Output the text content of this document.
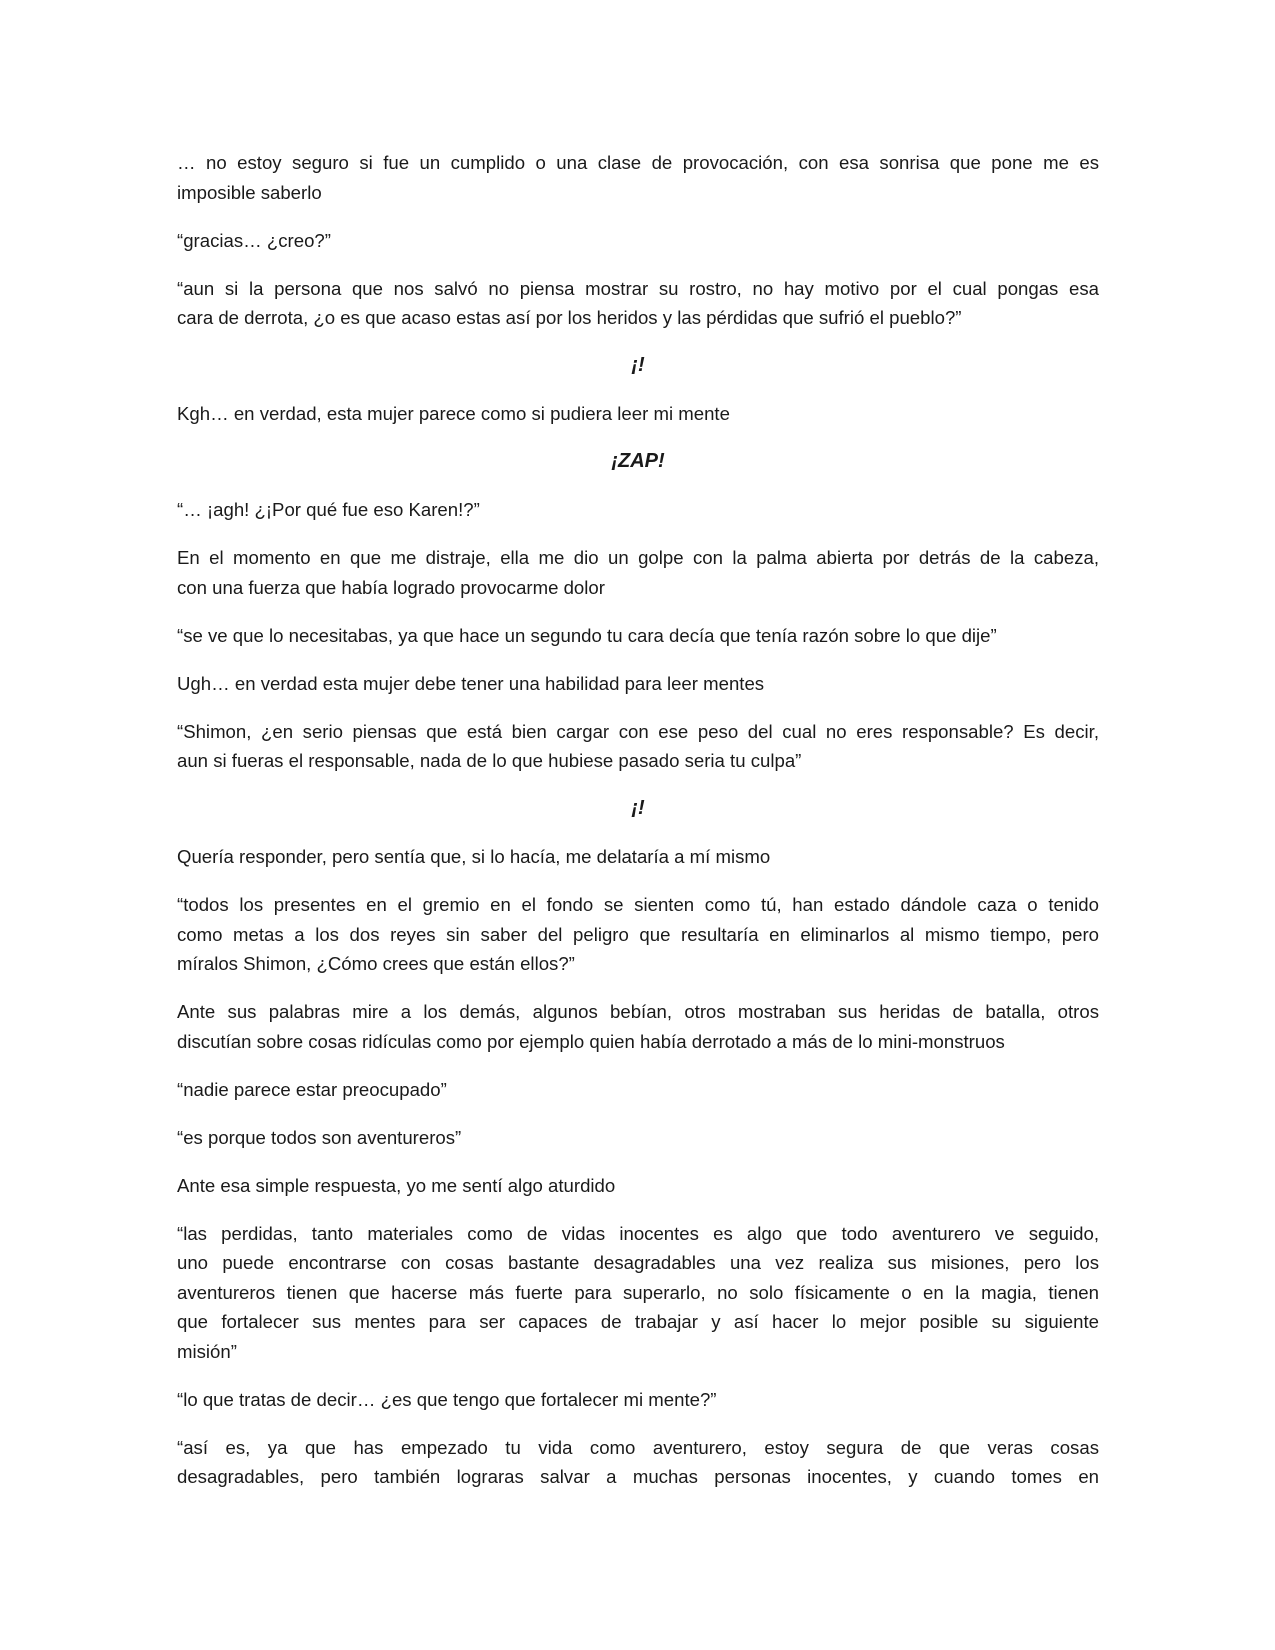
… no estoy seguro si fue un cumplido o una clase de provocación, con esa sonrisa que pone me es
imposible saberlo
“gracias… ¿creo?”
“aun si la persona que nos salvó no piensa mostrar su rostro, no hay motivo por el cual pongas esa
cara de derrota, ¿o es que acaso estas así por los heridos y las pérdidas que sufrió el pueblo?”
¡!
Kgh… en verdad, esta mujer parece como si pudiera leer mi mente
¡ZAP!
“… ¡agh! ¿¡Por qué fue eso Karen!?”
En el momento en que me distraje, ella me dio un golpe con la palma abierta por detrás de la cabeza,
con una fuerza que había logrado provocarme dolor
“se ve que lo necesitabas, ya que hace un segundo tu cara decía que tenía razón sobre lo que dije”
Ugh… en verdad esta mujer debe tener una habilidad para leer mentes
“Shimon, ¿en serio piensas que está bien cargar con ese peso del cual no eres responsable? Es decir,
aun si fueras el responsable, nada de lo que hubiese pasado seria tu culpa”
¡!
Quería responder, pero sentía que, si lo hacía, me delataría a mí mismo
“todos los presentes en el gremio en el fondo se sienten como tú, han estado dándole caza o tenido
como metas a los dos reyes sin saber del peligro que resultaría en eliminarlos al mismo tiempo, pero
míralos Shimon, ¿Cómo crees que están ellos?”
Ante sus palabras mire a los demás, algunos bebían, otros mostraban sus heridas de batalla, otros
discutían sobre cosas ridículas como por ejemplo quien había derrotado a más de lo mini-monstruos
“nadie parece estar preocupado”
“es porque todos son aventureros”
Ante esa simple respuesta, yo me sentí algo aturdido
“las perdidas, tanto materiales como de vidas inocentes es algo que todo aventurero ve seguido,
uno puede encontrarse con cosas bastante desagradables una vez realiza sus misiones, pero los
aventureros tienen que hacerse más fuerte para superarlo, no solo físicamente o en la magia, tienen
que fortalecer sus mentes para ser capaces de trabajar y así hacer lo mejor posible su siguiente
misión”
“lo que tratas de decir… ¿es que tengo que fortalecer mi mente?”
“así es, ya que has empezado tu vida como aventurero, estoy segura de que veras cosas
desagradables, pero también lograras salvar a muchas personas inocentes, y cuando tomes en
